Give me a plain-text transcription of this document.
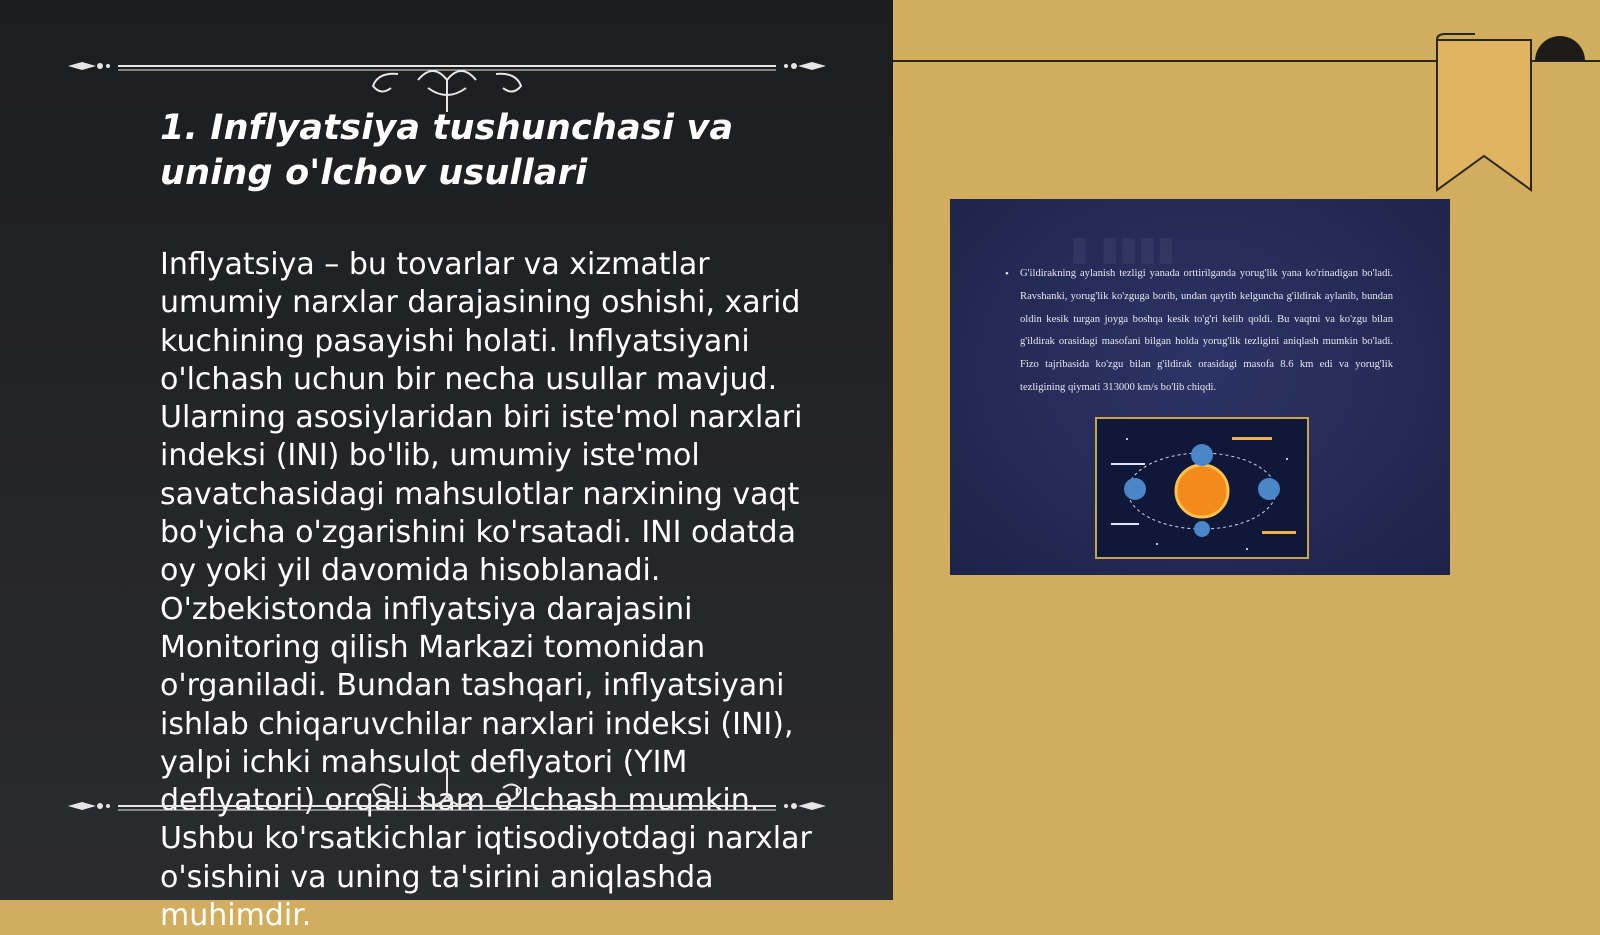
1. Inflyatsiya tushunchasi va uning o'lchov usullari

Inflyatsiya – bu tovarlar va xizmatlar umumiy narxlar darajasining oshishi, xarid kuchining pasayishi holati. Inflyatsiyani o'lchash uchun bir necha usullar mavjud. Ularning asosiylaridan biri iste'mol narxlari indeksi (INI) bo'lib, umumiy iste'mol savatchasidagi mahsulotlar narxining vaqt bo'yicha o'zgarishini ko'rsatadi. INI odatda oy yoki yil davomida hisoblanadi. O'zbekistonda inflyatsiya darajasini Monitoring qilish Markazi tomonidan o'rganiladi. Bundan tashqari, inflyatsiyani ishlab chiqaruvchilar narxlari indeksi (INI), yalpi ichki mahsulot deflyatori (YIM deflyatori) orqali ham o'lchash mumkin. Ushbu ko'rsatkichlar iqtisodiyotdagi narxlar o'sishini va uning ta'sirini aniqlashda muhimdir.

▮ ▮▮▮▮
• G'ildirakning aylanish tezligi yanada orttirilganda yorug'lik yana ko'rinadigan bo'ladi. Ravshanki, yorug'lik ko'zguga borib, undan qaytib kelguncha g'ildirak aylanib, bundan oldin kesik turgan joyga boshqa kesik to'g'ri kelib qoldi. Bu vaqtni va ko'zgu bilan g'ildirak orasidagi masofani bilgan holda yorug'lik tezligini aniqlash mumkin bo'ladi. Fizo tajribasida ko'zgu bilan g'ildirak orasidagi masofa 8.6 km edi va yorug'lik tezligining qiymati 313000 km/s bo'lib chiqdi.
